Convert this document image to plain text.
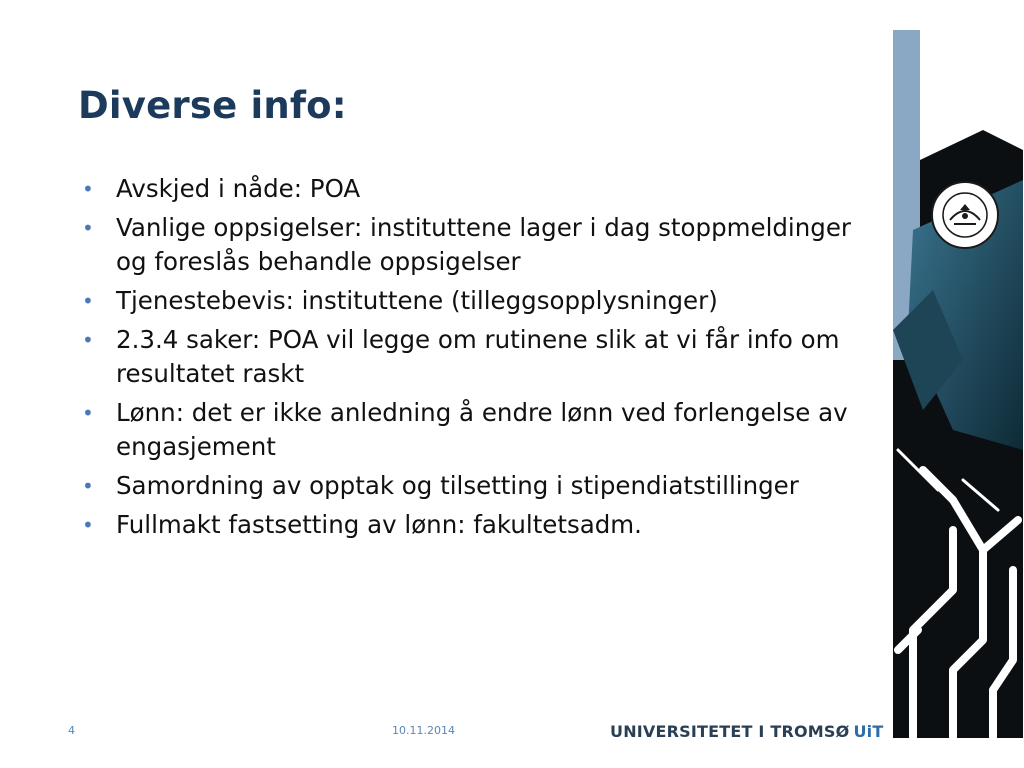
Diverse info:
• Avskjed i nåde: POA
• Vanlige oppsigelser: instituttene lager i dag stoppmeldinger og foreslås behandle oppsigelser
• Tjenestebevis: instituttene (tilleggsopplysninger)
• 2.3.4 saker: POA vil legge om rutinene slik at vi får info om resultatet raskt
• Lønn: det er ikke anledning å endre lønn ved forlengelse av engasjement
• Samordning av opptak og tilsetting i stipendiatstillinger
• Fullmakt fastsetting av lønn: fakultetsadm.
4	10.11.2014	UNIVERSITETET I TROMSØ UiT
